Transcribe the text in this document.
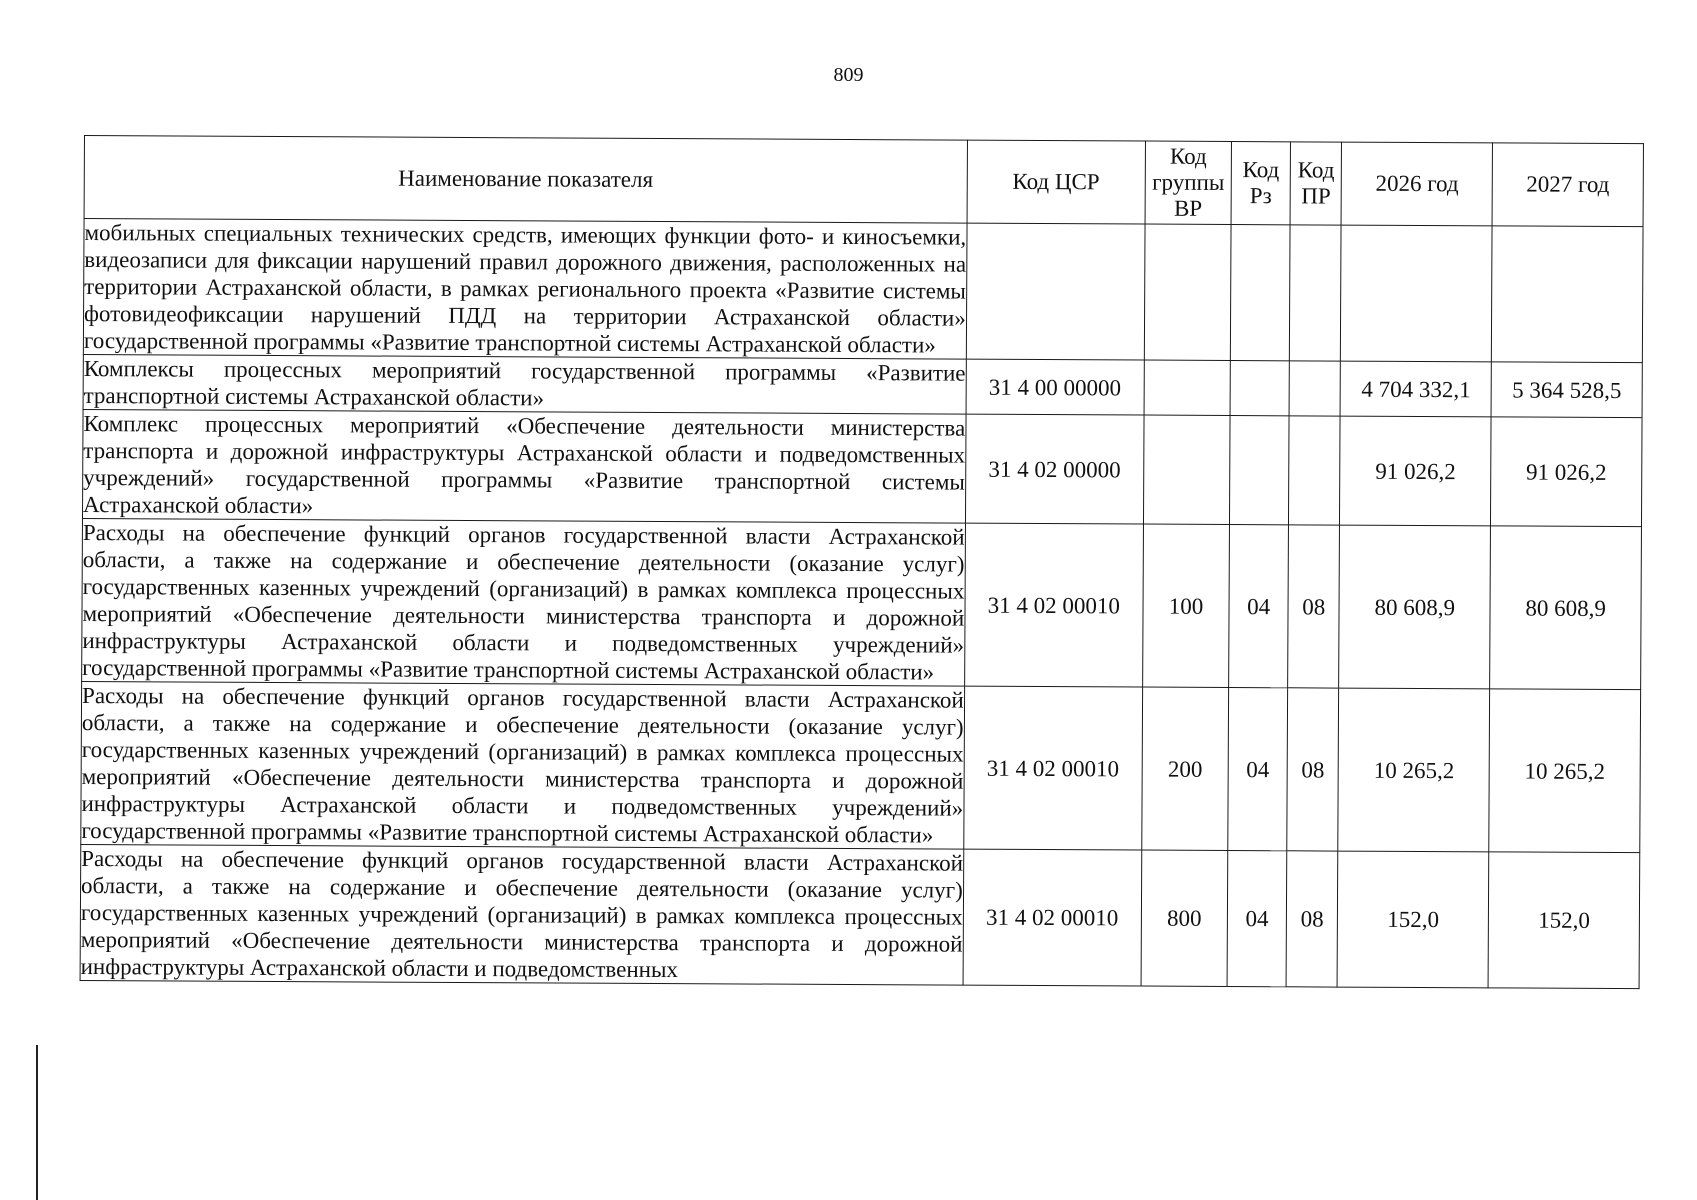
809
Наименование показателя	Код ЦСР	Код группы ВР	Код Рз	Код ПР	2026 год	2027 год
мобильных специальных технических средств, имеющих функции фото- и киносъемки, видеозаписи для фиксации нарушений правил дорожного движения, расположенных на территории Астраханской области, в рамках регионального проекта «Развитие системы фотовидеофиксации нарушений ПДД на территории Астраханской области» государственной программы «Развитие транспортной системы Астраханской области»						
Комплексы процессных мероприятий государственной программы «Развитие транспортной системы Астраханской области»	31 4 00 00000				4 704 332,1	5 364 528,5
Комплекс процессных мероприятий «Обеспечение деятельности министерства транспорта и дорожной инфраструктуры Астраханской области и подведомственных учреждений» государственной программы «Развитие транспортной системы Астраханской области»	31 4 02 00000				91 026,2	91 026,2
Расходы на обеспечение функций органов государственной власти Астраханской области, а также на содержание и обеспечение деятельности (оказание услуг) государственных казенных учреждений (организаций) в рамках комплекса процессных мероприятий «Обеспечение деятельности министерства транспорта и дорожной инфраструктуры Астраханской области и подведомственных учреждений» государственной программы «Развитие транспортной системы Астраханской области»	31 4 02 00010	100	04	08	80 608,9	80 608,9
Расходы на обеспечение функций органов государственной власти Астраханской области, а также на содержание и обеспечение деятельности (оказание услуг) государственных казенных учреждений (организаций) в рамках комплекса процессных мероприятий «Обеспечение деятельности министерства транспорта и дорожной инфраструктуры Астраханской области и подведомственных учреждений» государственной программы «Развитие транспортной системы Астраханской области»	31 4 02 00010	200	04	08	10 265,2	10 265,2
Расходы на обеспечение функций органов государственной власти Астраханской области, а также на содержание и обеспечение деятельности (оказание услуг) государственных казенных учреждений (организаций) в рамках комплекса процессных мероприятий «Обеспечение деятельности министерства транспорта и дорожной инфраструктуры Астраханской области и подведомственных	31 4 02 00010	800	04	08	152,0	152,0
